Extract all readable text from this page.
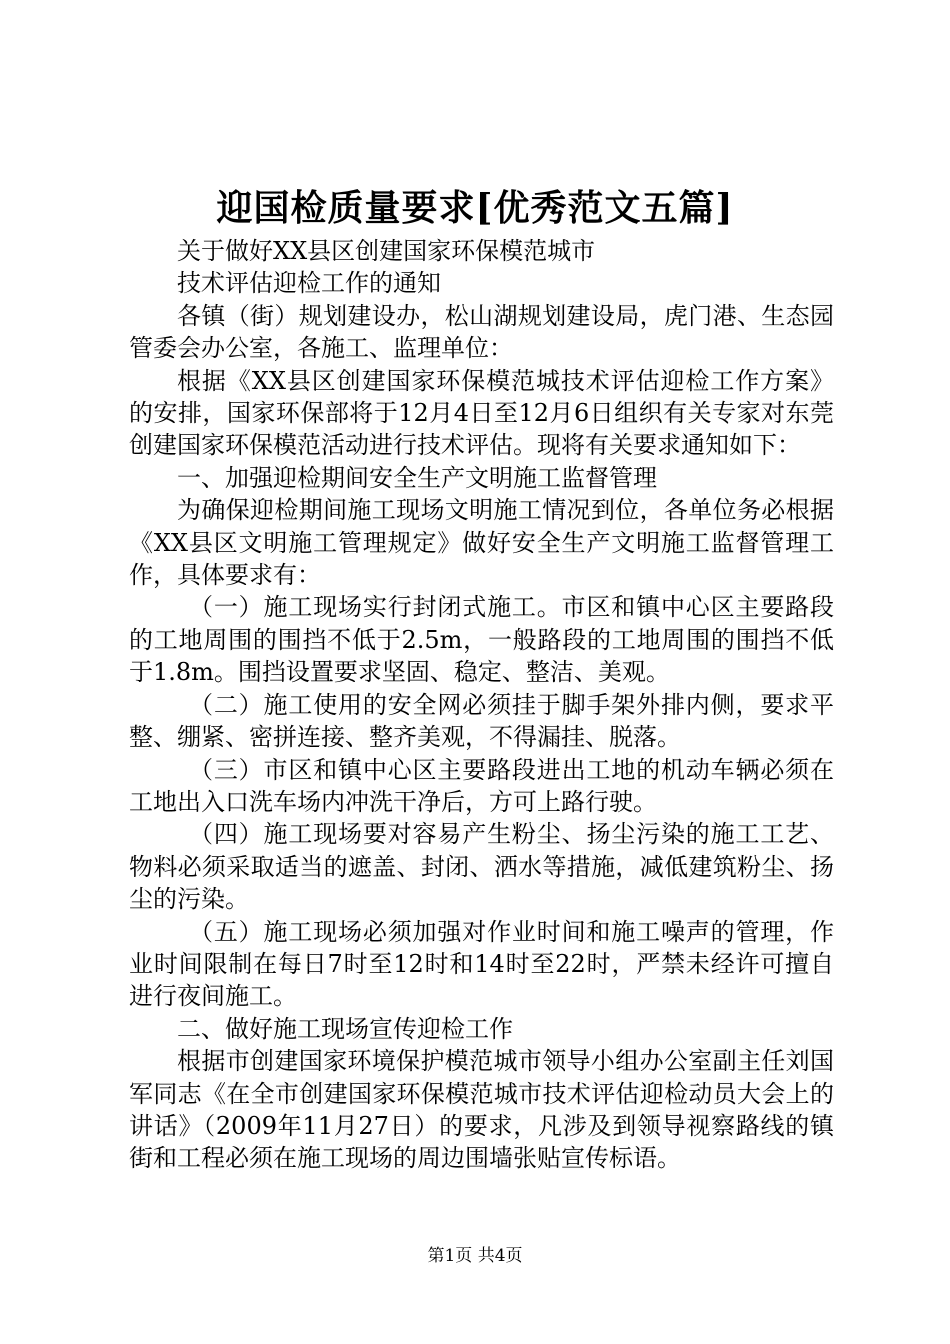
迎国检质量要求[优秀范文五篇]

关于做好XX县区创建国家环保模范城市

技术评估迎检工作的通知

各镇（街）规划建设办，松山湖规划建设局，虎门港、生态园管委会办公室，各施工、监理单位：

根据《XX县区创建国家环保模范城技术评估迎检工作方案》的安排，国家环保部将于12月4日至12月6日组织有关专家对东莞创建国家环保模范活动进行技术评估。现将有关要求通知如下：

一、加强迎检期间安全生产文明施工监督管理

为确保迎检期间施工现场文明施工情况到位，各单位务必根据《XX县区文明施工管理规定》做好安全生产文明施工监督管理工作，具体要求有：

（一）施工现场实行封闭式施工。市区和镇中心区主要路段的工地周围的围挡不低于2.5m，一般路段的工地周围的围挡不低于1.8m。围挡设置要求坚固、稳定、整洁、美观。

（二）施工使用的安全网必须挂于脚手架外排内侧，要求平整、绷紧、密拼连接、整齐美观，不得漏挂、脱落。

（三）市区和镇中心区主要路段进出工地的机动车辆必须在工地出入口洗车场内冲洗干净后，方可上路行驶。

（四）施工现场要对容易产生粉尘、扬尘污染的施工工艺、物料必须采取适当的遮盖、封闭、洒水等措施，减低建筑粉尘、扬尘的污染。

（五）施工现场必须加强对作业时间和施工噪声的管理，作业时间限制在每日7时至12时和14时至22时，严禁未经许可擅自进行夜间施工。

二、做好施工现场宣传迎检工作

根据市创建国家环境保护模范城市领导小组办公室副主任刘国军同志《在全市创建国家环保模范城市技术评估迎检动员大会上的讲话》（2009年11月27日）的要求，凡涉及到领导视察路线的镇街和工程必须在施工现场的周边围墙张贴宣传标语。

第1页 共4页
